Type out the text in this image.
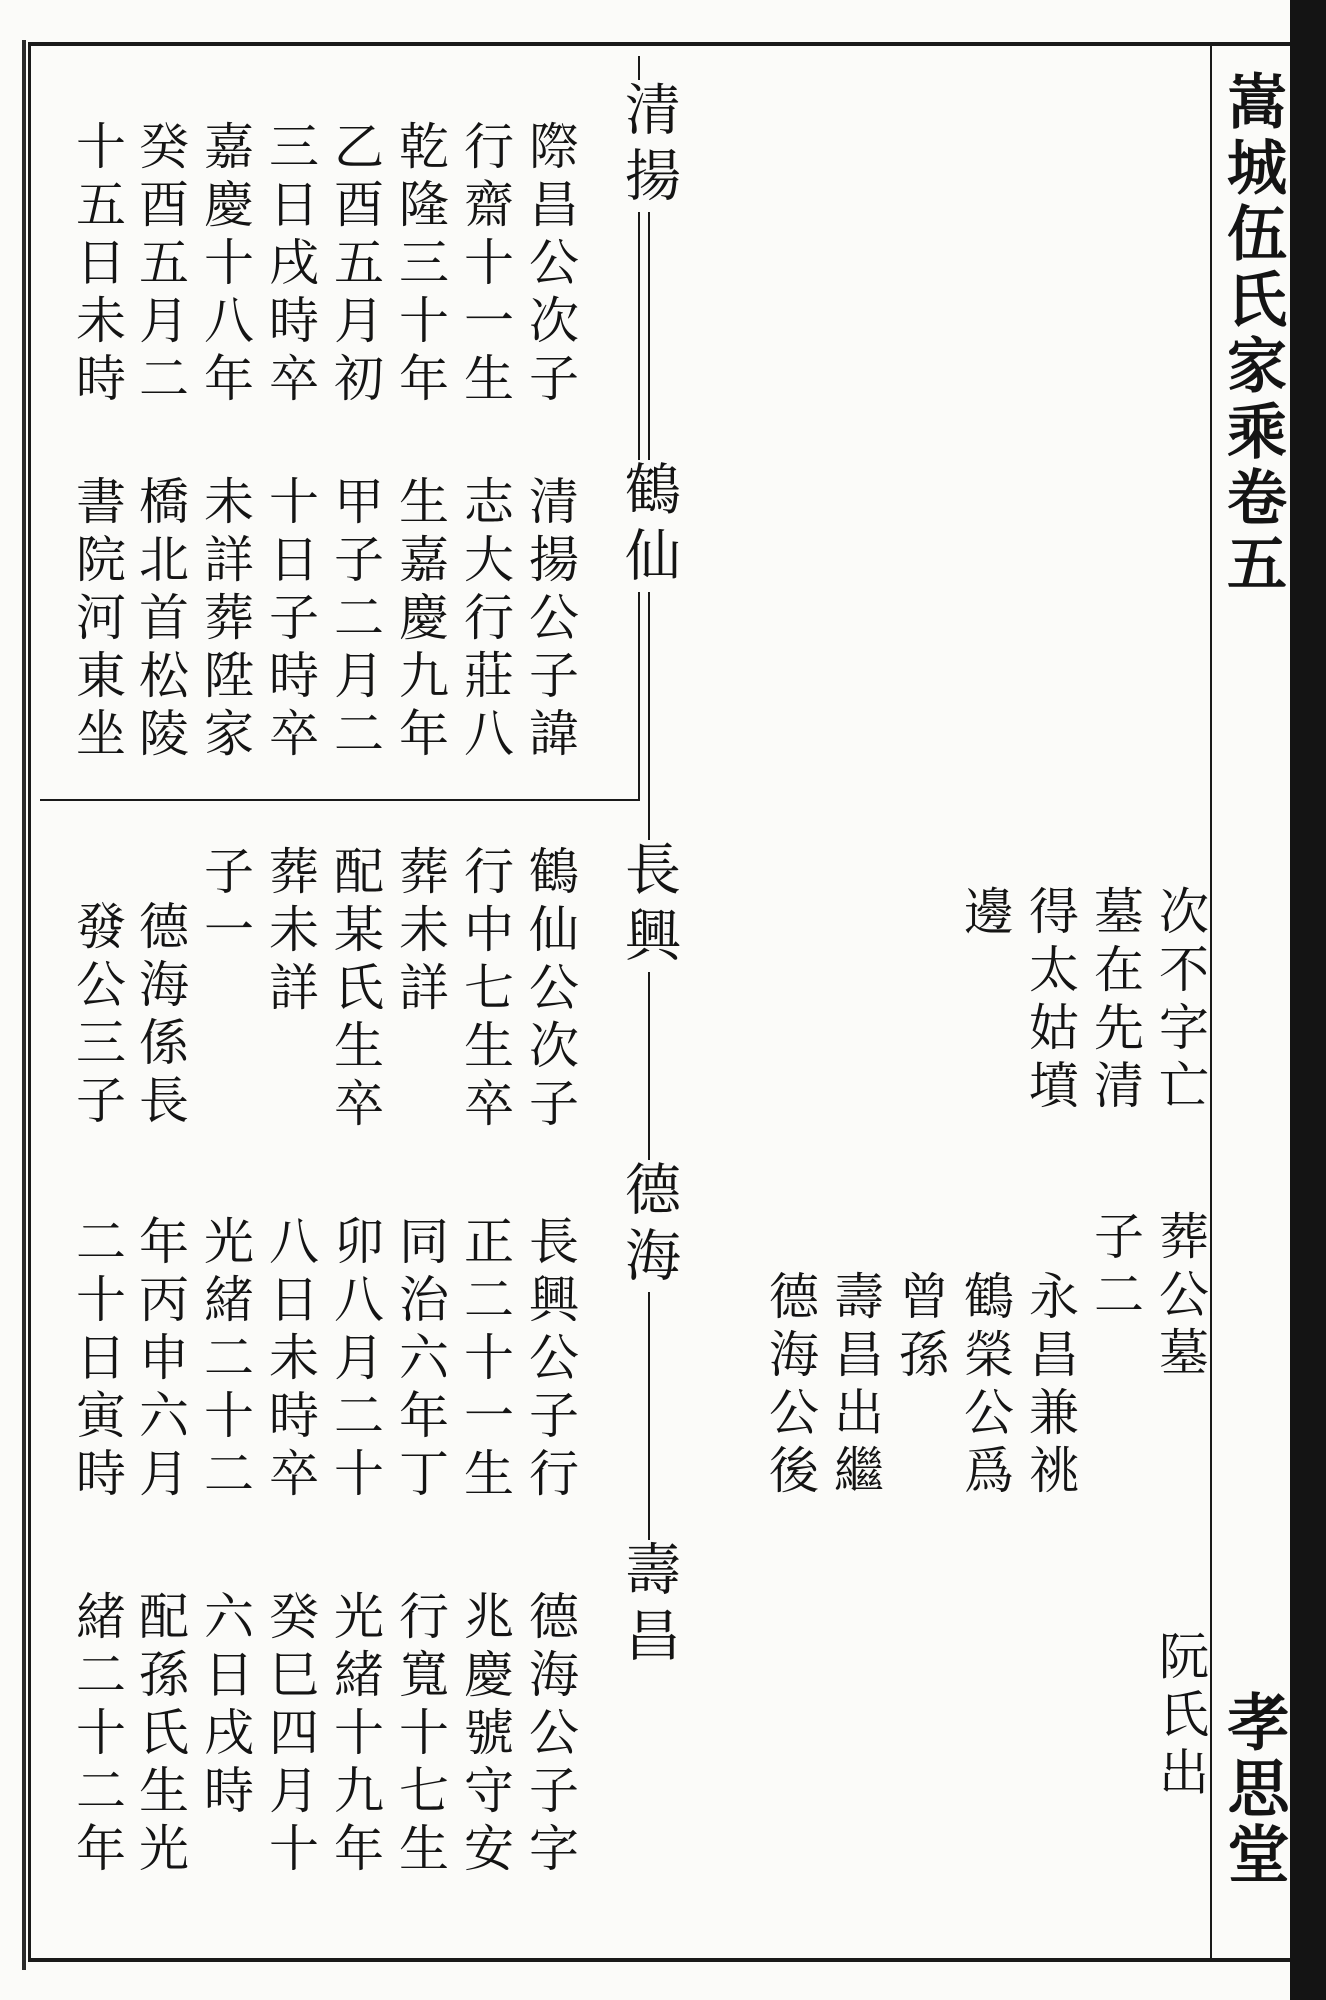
嵩城伍氏家乘卷五
孝思堂
清揚
鶴仙
長興
德海
壽昌
際昌公次子
行齋十一生
乾隆三十年
乙酉五月初
三日戌時卒
嘉慶十八年
癸酉五月二
十五日未時
清揚公子諱
志大行莊八
生嘉慶九年
甲子二月二
十日子時卒
未詳葬陞家
橋北首松陵
書院河東坐
鶴仙公次子
行中七生卒
葬未詳
配某氏生卒
葬未詳
子一
德海係長
發公三子
長興公子行
正二十一生
同治六年丁
卯八月二十
八日未時卒
光緒二十二
年丙申六月
二十日寅時
德海公子字
兆慶號守安
行寬十七生
光緒十九年
癸巳四月十
六日戌時
配孫氏生光
緒二十二年
次不字亡
葬公墓
墓在先清
子二
得太姑墳
永昌兼祧
邊
鶴榮公爲
曾孫
壽昌出繼
德海公後
阮氏出
